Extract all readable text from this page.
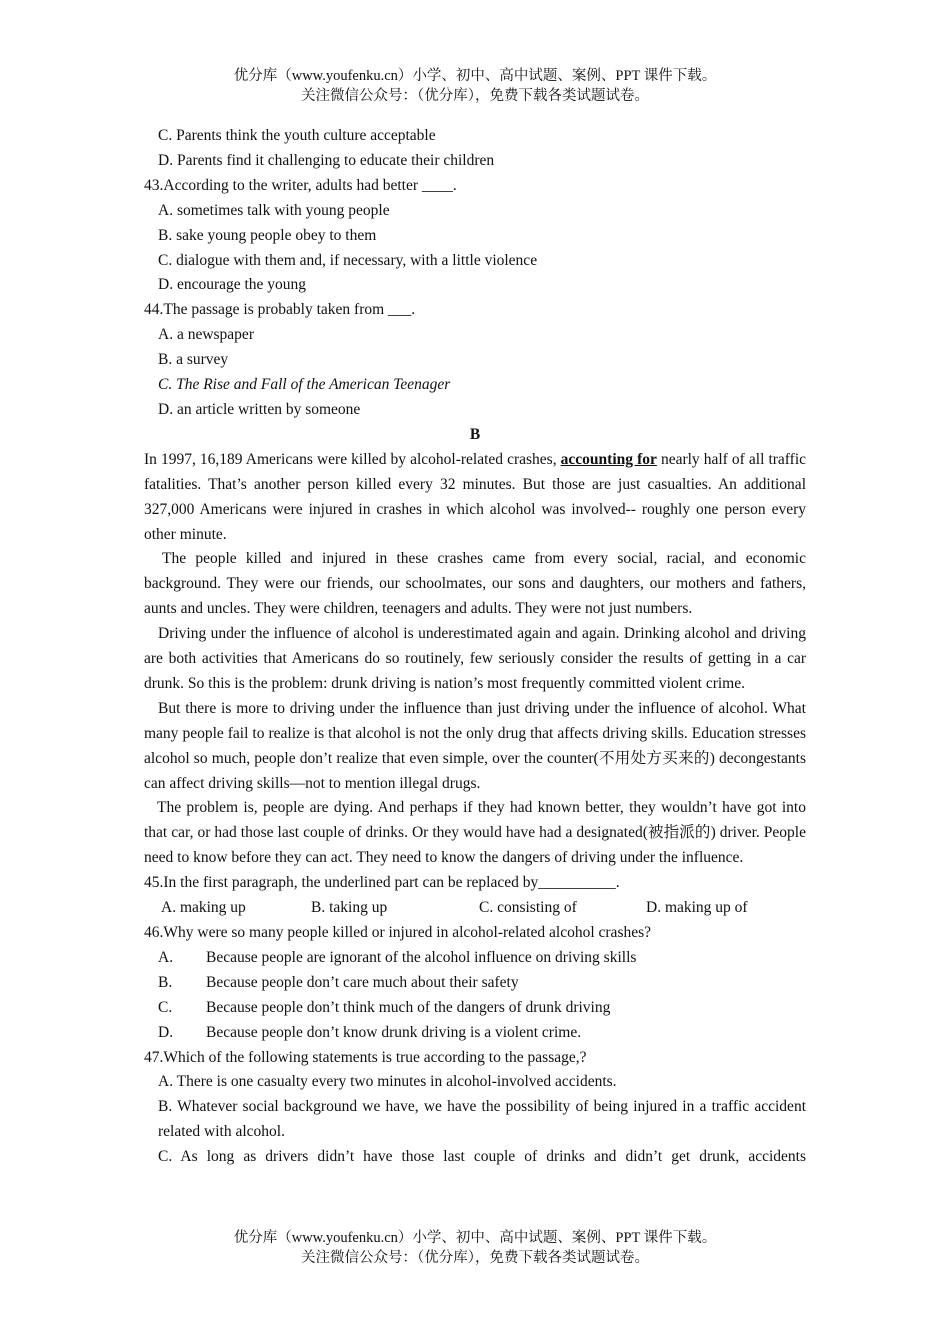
优分库（www.youfenku.cn）小学、初中、高中试题、案例、PPT 课件下载。
关注微信公众号：（优分库），免费下载各类试题试卷。
C. Parents think the youth culture acceptable
D. Parents find it challenging to educate their children
43.According to the writer, adults had better ____.
A. sometimes talk with young people
B. sake young people obey to them
C. dialogue with them and, if necessary, with a little violence
D. encourage the young
44.The passage is probably taken from ___.
A. a newspaper
B. a survey
C. The Rise and Fall of the American Teenager
D. an article written by someone
B
In 1997, 16,189 Americans were killed by alcohol-related crashes, accounting for nearly half of all traffic fatalities. That’s another person killed every 32 minutes. But those are just casualties. An additional 327,000 Americans were injured in crashes in which alcohol was involved-- roughly one person every other minute.
The people killed and injured in these crashes came from every social, racial, and economic background. They were our friends, our schoolmates, our sons and daughters, our mothers and fathers, aunts and uncles. They were children, teenagers and adults. They were not just numbers.
Driving under the influence of alcohol is underestimated again and again. Drinking alcohol and driving are both activities that Americans do so routinely, few seriously consider the results of getting in a car drunk. So this is the problem: drunk driving is nation’s most frequently committed violent crime.
But there is more to driving under the influence than just driving under the influence of alcohol. What many people fail to realize is that alcohol is not the only drug that affects driving skills. Education stresses alcohol so much, people don’t realize that even simple, over the counter(不用处方买来的) decongestants can affect driving skills—not to mention illegal drugs.
The problem is, people are dying. And perhaps if they had known better, they wouldn’t have got into that car, or had those last couple of drinks. Or they would have had a designated(被指派的) driver. People need to know before they can act. They need to know the dangers of driving under the influence.
45.In the first paragraph, the underlined part can be replaced by__________.
A. making up	B. taking up	C. consisting of	D. making up of
46.Why were so many people killed or injured in alcohol-related alcohol crashes?
A.	Because people are ignorant of the alcohol influence on driving skills
B.	Because people don’t care much about their safety
C.	Because people don’t think much of the dangers of drunk driving
D.	Because people don’t know drunk driving is a violent crime.
47.Which of the following statements is true according to the passage,?
A. There is one casualty every two minutes in alcohol-involved accidents.
B. Whatever social background we have, we have the possibility of being injured in a traffic accident related with alcohol.
C. As long as drivers didn’t have those last couple of drinks and didn’t get drunk, accidents
优分库（www.youfenku.cn）小学、初中、高中试题、案例、PPT 课件下载。
关注微信公众号：（优分库），免费下载各类试题试卷。
